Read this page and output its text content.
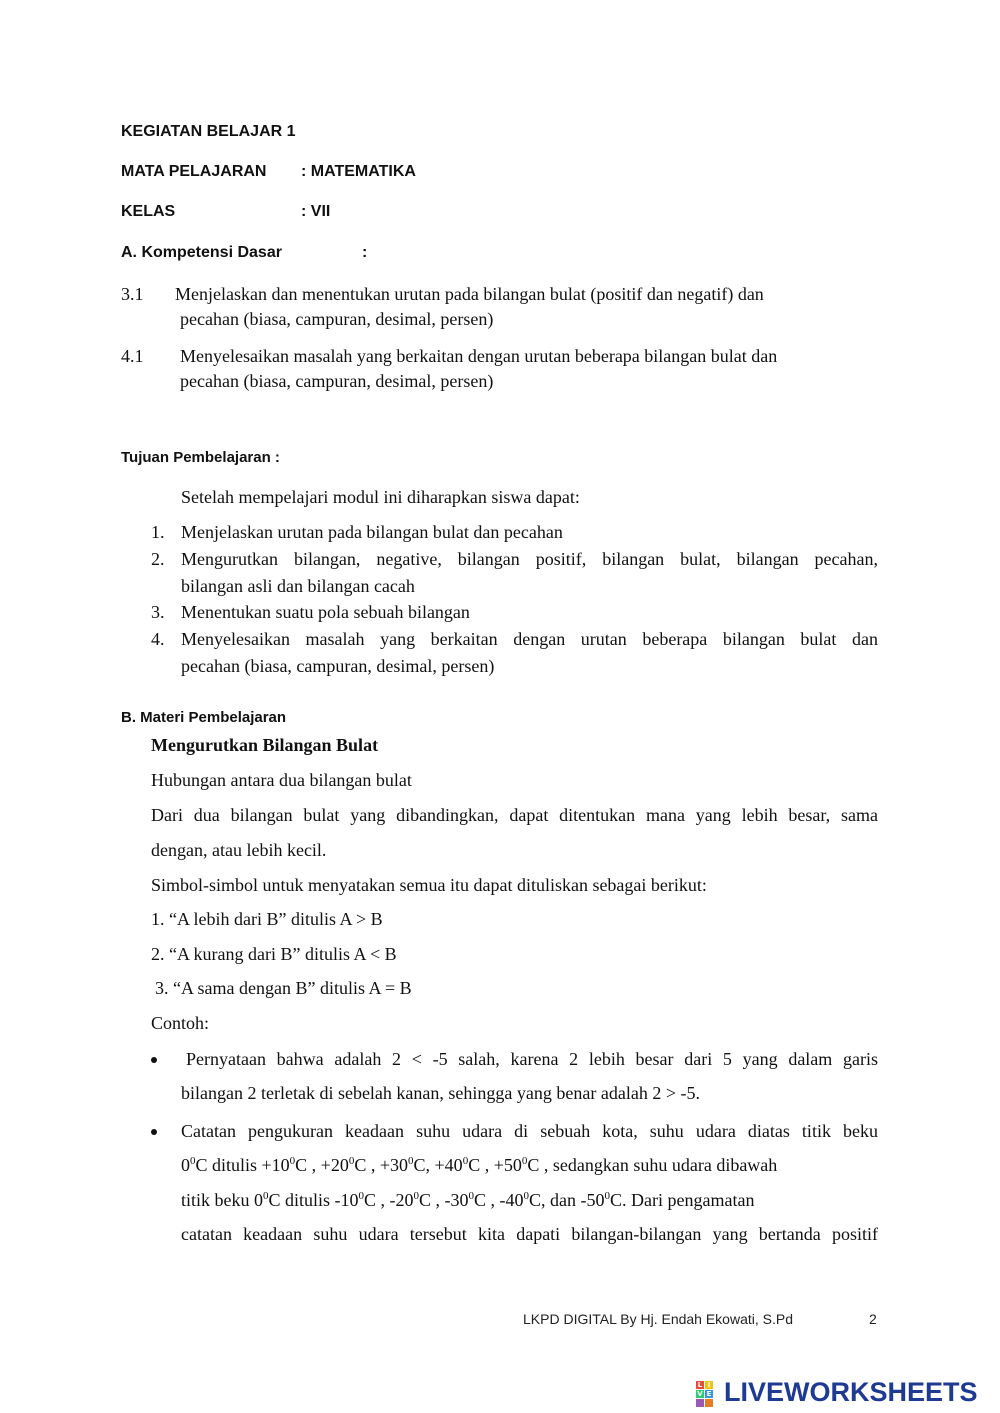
KEGIATAN BELAJAR 1
MATA PELAJARAN : MATEMATIKA
KELAS	: VII
A. Kompetensi Dasar	:
3.1 Menjelaskan dan menentukan urutan pada bilangan bulat (positif dan negatif) dan
pecahan (biasa, campuran, desimal, persen)
4.1 Menyelesaikan masalah yang berkaitan dengan urutan beberapa bilangan bulat dan
pecahan (biasa, campuran, desimal, persen)
Tujuan Pembelajaran :
Setelah mempelajari modul ini diharapkan siswa dapat:
1. Menjelaskan urutan pada bilangan bulat dan pecahan
2. Mengurutkan bilangan, negative, bilangan positif, bilangan bulat, bilangan pecahan,
bilangan asli dan bilangan cacah
3. Menentukan suatu pola sebuah bilangan
4. Menyelesaikan masalah yang berkaitan dengan urutan beberapa bilangan bulat dan
pecahan (biasa, campuran, desimal, persen)
B. Materi Pembelajaran
Mengurutkan Bilangan Bulat
Hubungan antara dua bilangan bulat
Dari dua bilangan bulat yang dibandingkan, dapat ditentukan mana yang lebih besar, sama
dengan, atau lebih kecil.
Simbol-simbol untuk menyatakan semua itu dapat dituliskan sebagai berikut:
1. “A lebih dari B” ditulis A > B
2. “A kurang dari B” ditulis A < B
3. “A sama dengan B” ditulis A = B
Contoh:
Pernyataan bahwa adalah 2 < -5 salah, karena 2 lebih besar dari 5 yang dalam garis
bilangan 2 terletak di sebelah kanan, sehingga yang benar adalah 2 > -5.
Catatan pengukuran keadaan suhu udara di sebuah kota, suhu udara diatas titik beku
$0^0C$ ditulis $+10^0C$ , $+20^0C$ , $+30^0C$, $+40^0C$ , $+50^0C$ , sedangkan suhu udara dibawah
titik beku $0^0C$ ditulis $-10^0C$ , $-20^0C$ , $-30^0C$ , $-40^0C$, dan $-50^0C$. Dari pengamatan
catatan keadaan suhu udara tersebut kita dapati bilangan-bilangan yang bertanda positif
LKPD DIGITAL By Hj. Endah Ekowati, S.Pd	2
L I
V E LIVEWORKSHEETS
